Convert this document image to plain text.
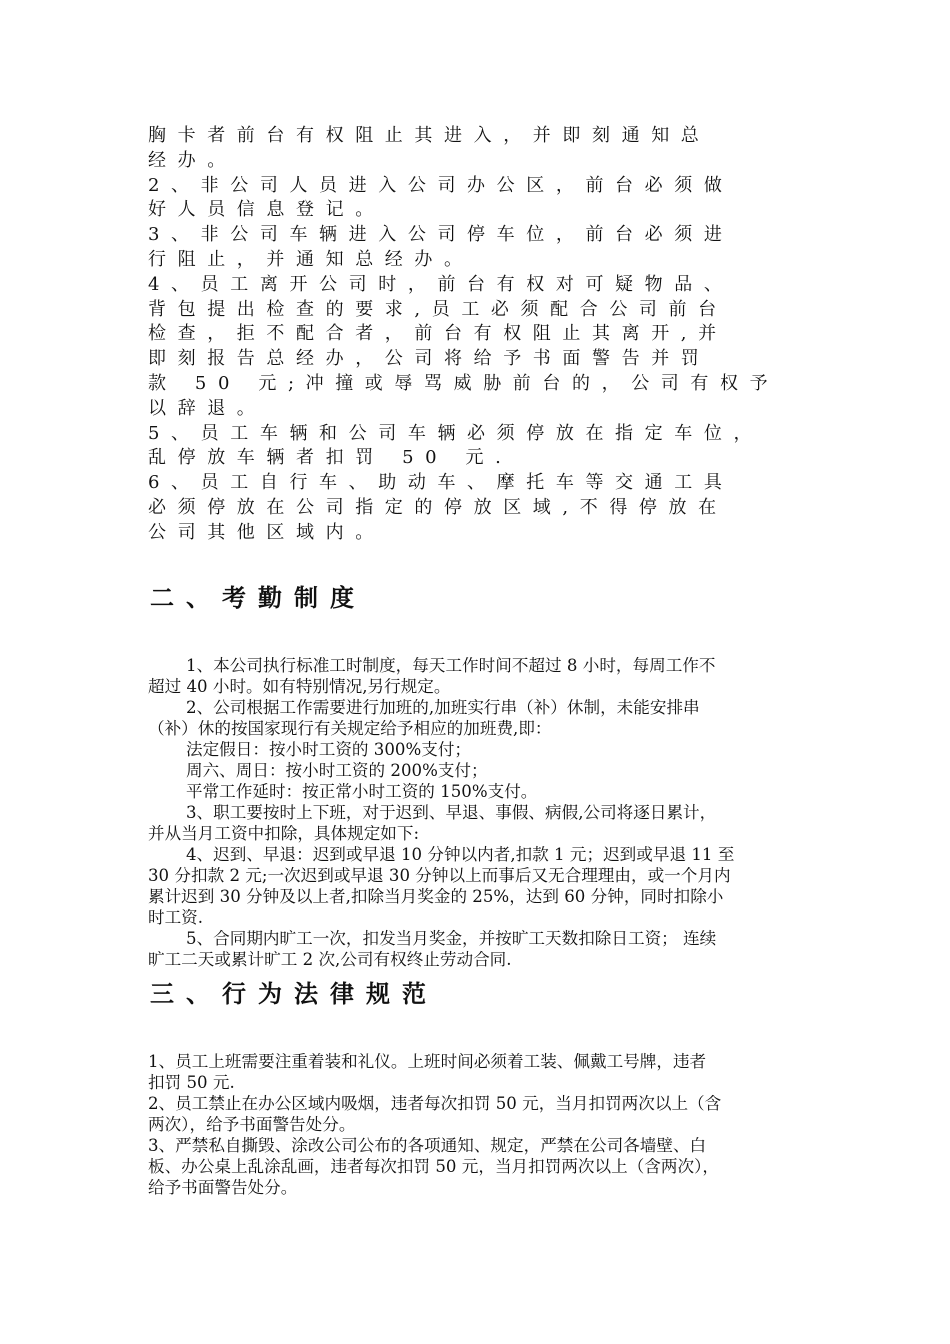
胸卡者前台有权阻止其进入，并即刻通知总

经办。

2、非公司人员进入公司办公区，前台必须做

好人员信息登记。

3、非公司车辆进入公司停车位，前台必须进

行阻止，并通知总经办。

4、员工离开公司时，前台有权对可疑物品、

背包提出检查的要求,员工必须配合公司前台

检查，拒不配合者，前台有权阻止其离开,并

即刻报告总经办，公司将给予书面警告并罚

款 50 元;冲撞或辱骂威胁前台的，公司有权予

以辞退。

5、员工车辆和公司车辆必须停放在指定车位，

乱停放车辆者扣罚 50 元.

6、员工自行车、助动车、摩托车等交通工具

必须停放在公司指定的停放区域,不得停放在

公司其他区域内。

二、考勤制度

1、本公司执行标准工时制度，每天工作时间不超过 8 小时，每周工作不

超过 40 小时。如有特别情况,另行规定。

2、公司根据工作需要进行加班的,加班实行串（补）休制，未能安排串

（补）休的按国家现行有关规定给予相应的加班费,即：

法定假日：按小时工资的 300%支付；

周六、周日：按小时工资的 200%支付；

平常工作延时：按正常小时工资的 150%支付。

3、职工要按时上下班，对于迟到、早退、事假、病假,公司将逐日累计，

并从当月工资中扣除，具体规定如下:

4、迟到、早退：迟到或早退 10 分钟以内者,扣款 1 元；迟到或早退 11 至

30 分扣款 2 元;一次迟到或早退 30 分钟以上而事后又无合理理由，或一个月内

累计迟到 30 分钟及以上者,扣除当月奖金的 25%，达到 60 分钟，同时扣除小

时工资.

5、合同期内旷工一次，扣发当月奖金，并按旷工天数扣除日工资； 连续

旷工二天或累计旷工 2 次,公司有权终止劳动合同.

三、行为法律规范

1、员工上班需要注重着装和礼仪。上班时间必须着工装、佩戴工号牌，违者

扣罚 50 元.

2、员工禁止在办公区域内吸烟，违者每次扣罚 50 元，当月扣罚两次以上（含

两次），给予书面警告处分。

3、严禁私自撕毁、涂改公司公布的各项通知、规定，严禁在公司各墙壁、白

板、办公桌上乱涂乱画，违者每次扣罚 50 元，当月扣罚两次以上（含两次），

给予书面警告处分。
